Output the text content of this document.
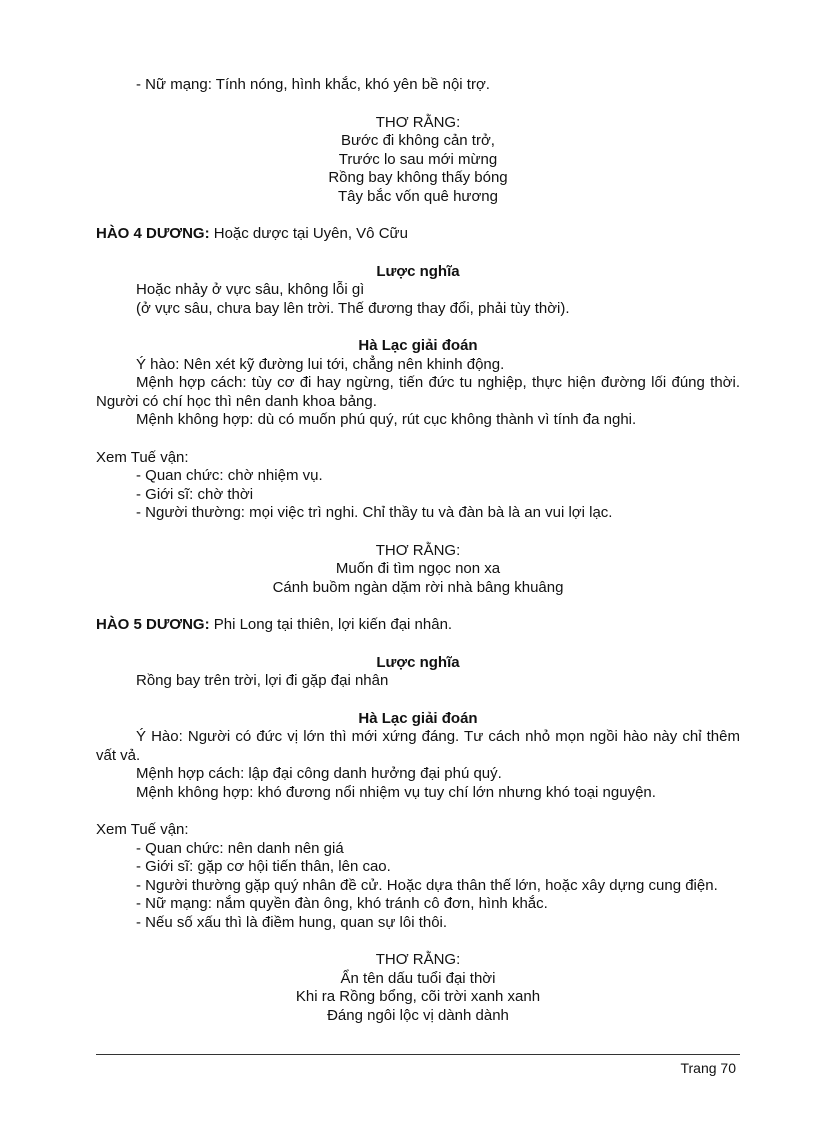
- Nữ mạng: Tính nóng, hình khắc, khó yên bề nội trợ.

THƠ RẰNG:

Bước đi không cản trở,

Trước lo sau mới mừng

Rồng bay không thấy bóng

Tây bắc vốn quê hương

HÀO 4 DƯƠNG: Hoặc dược tại Uyên, Vô Cữu

Lược nghĩa

Hoặc nhảy ở vực sâu, không lỗi gì

(ở vực sâu, chưa bay lên trời. Thế đương thay đổi, phải tùy thời).

Hà Lạc giải đoán

Ý hào: Nên xét kỹ đường lui tới, chẳng nên khinh động.

Mệnh hợp cách: tùy cơ đi hay ngừng, tiến đức tu nghiệp, thực hiện đường lối đúng thời. Người có chí học thì nên danh khoa bảng.

Mệnh không hợp: dù có muốn phú quý, rút cục không thành vì tính đa nghi.

Xem Tuế vận:

- Quan chức: chờ nhiệm vụ.

- Giới sĩ: chờ thời

- Người thường: mọi việc trì nghi. Chỉ thầy tu và đàn bà là an vui lợi lạc.

THƠ RẰNG:

Muốn đi tìm ngọc non xa

Cánh buồm ngàn dặm rời nhà bâng khuâng

HÀO 5 DƯƠNG: Phi Long tại thiên, lợi kiến đại nhân.

Lược nghĩa

Rồng bay trên trời, lợi đi gặp đại nhân

Hà Lạc giải đoán

Ý Hào: Người có đức vị lớn thì mới xứng đáng. Tư cách nhỏ mọn ngồi hào này chỉ thêm vất vả.

Mệnh hợp cách: lập đại công danh hưởng đại phú quý.

Mệnh không hợp: khó đương nổi nhiệm vụ tuy chí lớn nhưng khó toại nguyện.

Xem Tuế vận:

- Quan chức: nên danh nên giá

- Giới sĩ: gặp cơ hội tiến thân, lên cao.

- Người thường gặp quý nhân đề cử. Hoặc dựa thân thế lớn, hoặc xây dựng cung điện.

- Nữ mạng: nắm quyền đàn ông, khó tránh cô đơn, hình khắc.

- Nếu số xấu thì là điềm hung, quan sự lôi thôi.

THƠ RẰNG:

Ẩn tên dấu tuổi đại thời

Khi ra Rồng bổng, cõi trời xanh xanh

Đáng ngôi lộc vị dành dành

Trang 70
